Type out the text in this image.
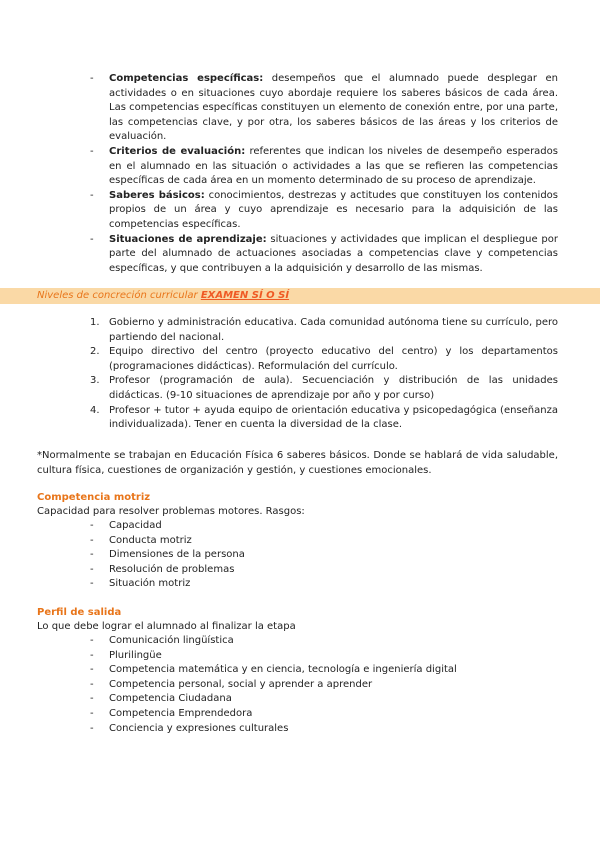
-	Competencias específicas: desempeños que el alumnado puede desplegar en actividades o en situaciones cuyo abordaje requiere los saberes básicos de cada área. Las competencias específicas constituyen un elemento de conexión entre, por una parte, las competencias clave, y por otra, los saberes básicos de las áreas y los criterios de evaluación.
-	Criterios de evaluación: referentes que indican los niveles de desempeño esperados en el alumnado en las situación o actividades a las que se refieren las competencias específicas de cada área en un momento determinado de su proceso de aprendizaje.
-	Saberes básicos: conocimientos, destrezas y actitudes que constituyen los contenidos propios de un área y cuyo aprendizaje es necesario para la adquisición de las competencias específicas.
-	Situaciones de aprendizaje: situaciones y actividades que implican el despliegue por parte del alumnado de actuaciones asociadas a competencias clave y competencias específicas, y que contribuyen a la adquisición y desarrollo de las mismas.
Niveles de concreción curricular EXAMEN SÍ O SÍ
1. Gobierno y administración educativa. Cada comunidad autónoma tiene su currículo, pero partiendo del nacional.
2. Equipo directivo del centro (proyecto educativo del centro) y los departamentos (programaciones didácticas). Reformulación del currículo.
3. Profesor (programación de aula). Secuenciación y distribución de las unidades didácticas. (9-10 situaciones de aprendizaje por año y por curso)
4. Profesor + tutor + ayuda equipo de orientación educativa y psicopedagógica (enseñanza individualizada). Tener en cuenta la diversidad de la clase.
*Normalmente se trabajan en Educación Física 6 saberes básicos. Donde se hablará de vida saludable, cultura física, cuestiones de organización y gestión, y cuestiones emocionales.
Competencia motriz
Capacidad para resolver problemas motores. Rasgos:
-	Capacidad
-	Conducta motriz
-	Dimensiones de la persona
-	Resolución de problemas
-	Situación motriz
Perfil de salida
Lo que debe lograr el alumnado al finalizar la etapa
-	Comunicación lingüística
-	Plurilingüe
-	Competencia matemática y en ciencia, tecnología e ingeniería digital
-	Competencia personal, social y aprender a aprender
-	Competencia Ciudadana
-	Competencia Emprendedora
-	Conciencia y expresiones culturales
